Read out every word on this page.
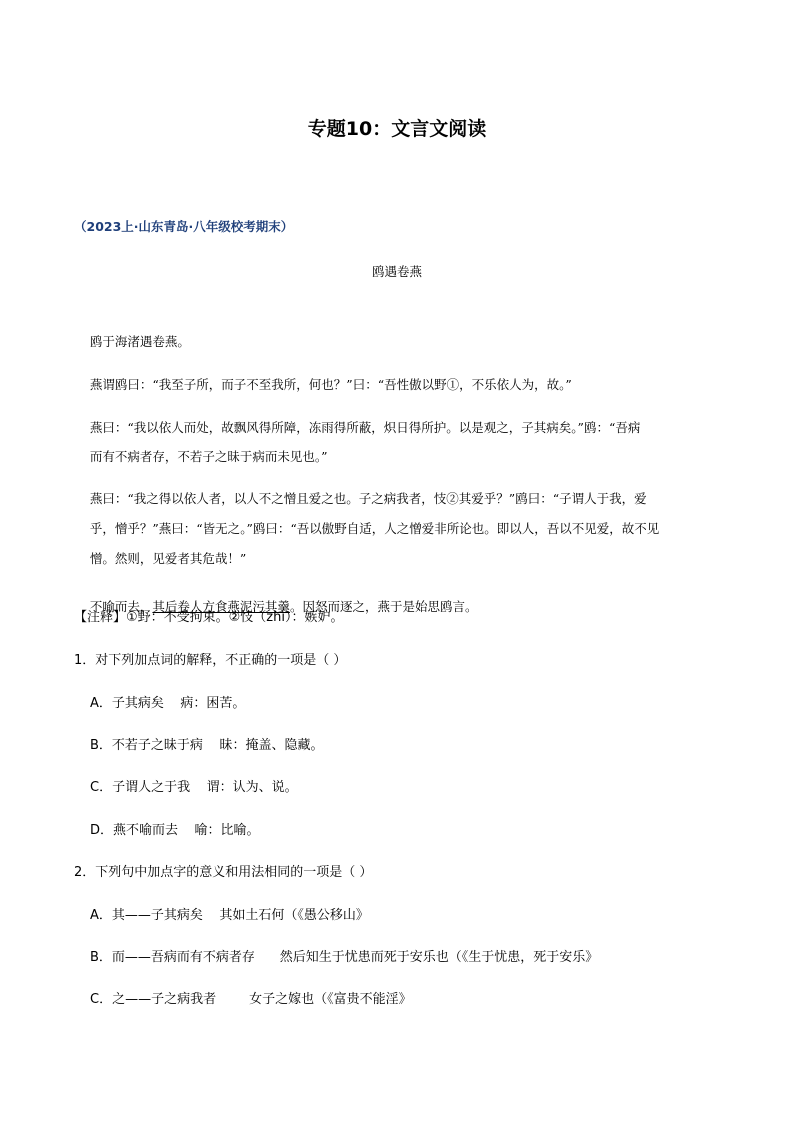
专题10：文言文阅读
（2023上·山东青岛·八年级校考期末）
鸥遇卷燕

鸥于海渚遇卷燕。

燕谓鸥曰：“我至子所，而子不至我所，何也？”曰：“吾性傲以野①，不乐依人为，故。”

燕曰：“我以依人而处，故飘风得所障，冻雨得所蔽，炽日得所护。以是观之，子其病矣。”鸥：“吾病

而有不病者存，不若子之昧于病而未见也。”

燕曰：“我之得以依人者，以人不之憎且爱之也。子之病我者，忮②其爱乎？”鸥曰：“子谓人于我，爱

乎，憎乎？”燕曰：“皆无之。”鸥曰：“吾以傲野自适，人之憎爱非所论也。即以人，吾以不见爱，故不见

憎。然则，见爱者其危哉！”

不喻而去，其后卷人方食燕泥污其羹。因怒而逐之，燕于是始思鸥言。

【注释】①野：不受拘束。②忮（zhì）：嫉妒。
1．对下列加点词的解释，不正确的一项是（ ）
A．子其病矣    病：困苦。
B．不若子之昧于病    昧：掩盖、隐藏。
C．子谓人之于我    谓：认为、说。
D．燕不喻而去    喻：比喻。
2．下列句中加点字的意义和用法相同的一项是（ ）
A．其——子其病矣    其如土石何（《愚公移山》
B．而——吾病而有不病者存      然后知生于忧患而死于安乐也（《生于忧患，死于安乐》
C．之——子之病我者        女子之嫁也（《富贵不能淫》
